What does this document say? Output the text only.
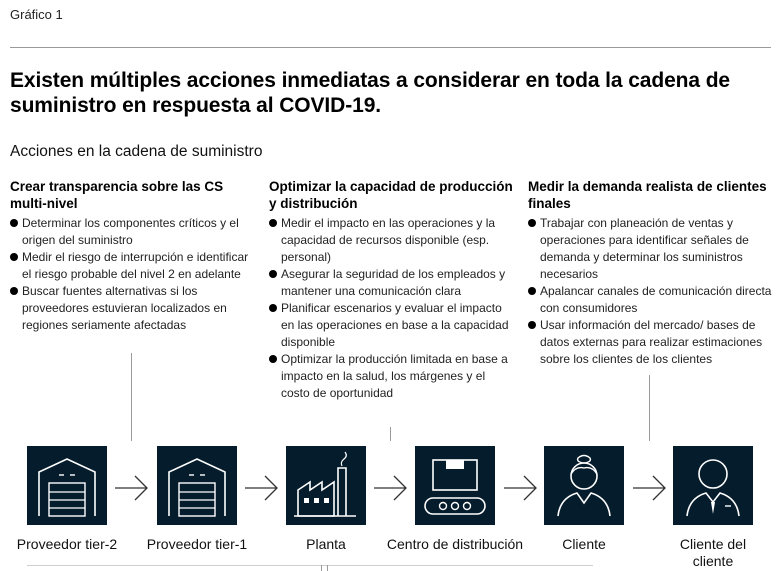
Gráfico 1
Existen múltiples acciones inmediatas a considerar en toda la cadena de suministro en respuesta al COVID-19.
Acciones en la cadena de suministro
Crear transparencia sobre las CS multi-nivel
Determinar los componentes críticos y el origen del suministro
Medir el riesgo de interrupción e identificar el riesgo probable del nivel 2 en adelante
Buscar fuentes alternativas si los proveedores estuvieran localizados en regiones seriamente afectadas
Optimizar la capacidad de producción y distribución
Medir el impacto en las operaciones y la capacidad de recursos disponible (esp. personal)
Asegurar la seguridad de los empleados y mantener una comunicación clara
Planificar escenarios y evaluar el impacto en las operaciones en base a la capacidad disponible
Optimizar la producción limitada en base a impacto en la salud, los márgenes y el costo de oportunidad
Medir la demanda realista de clientes finales
Trabajar con planeación de ventas y operaciones para identificar señales de demanda y determinar los suministros necesarios
Apalancar canales de comunicación directa con consumidores
Usar información del mercado/ bases de datos externas para realizar estimaciones sobre los clientes de los clientes
Proveedor tier-2	Proveedor tier-1	Planta	Centro de distribución	Cliente	Cliente del cliente
